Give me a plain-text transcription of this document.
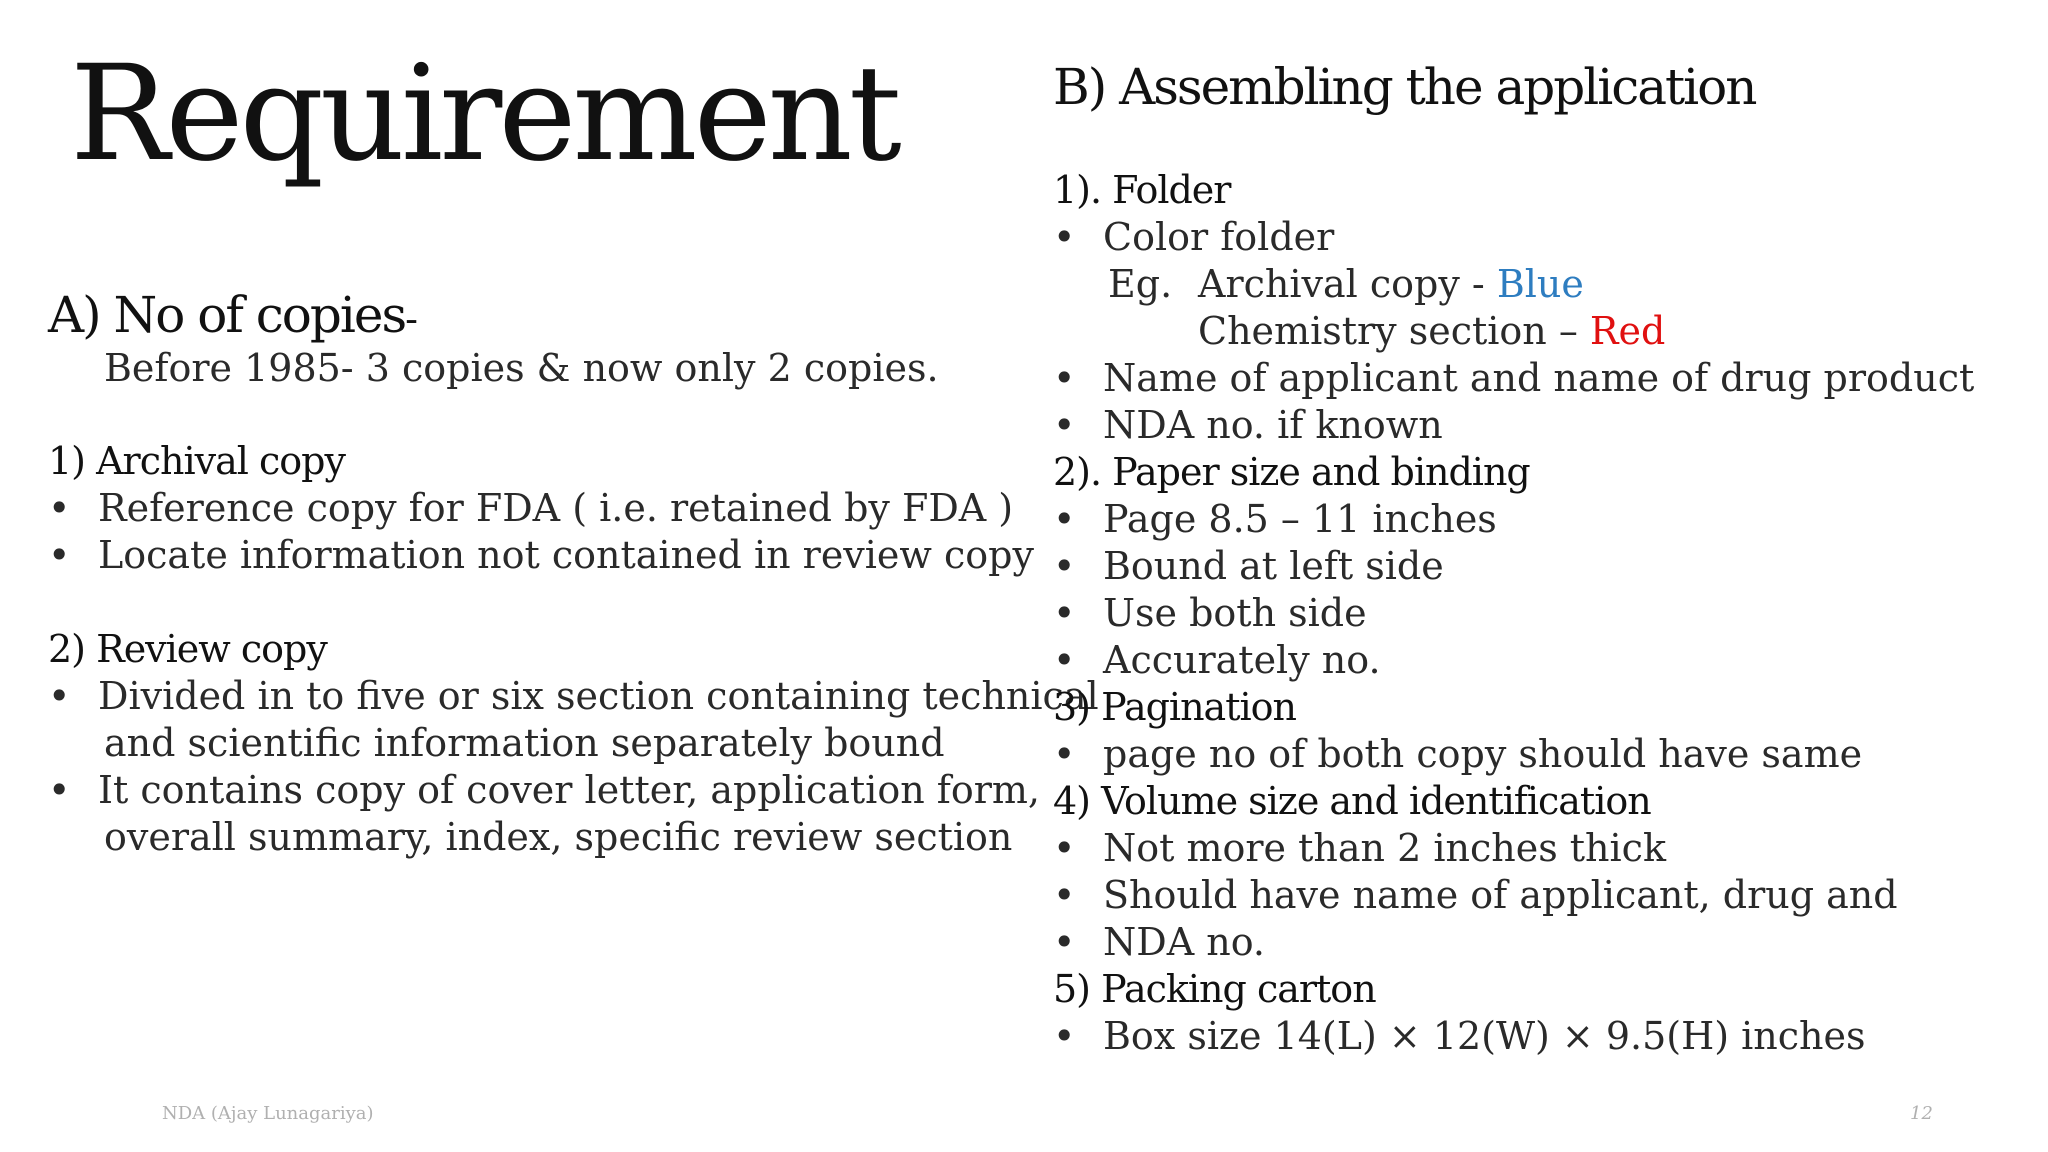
Requirement
A) No of copies-
Before 1985- 3 copies & now only 2 copies.
1) Archival copy
• Reference copy for FDA ( i.e. retained by FDA )
• Locate information not contained in review copy
2) Review copy
• Divided in to five or six section containing technical
and scientific information separately bound
• It contains copy of cover letter, application form,
overall summary, index, specific review section
B) Assembling the application
1). Folder
• Color folder
Eg. Archival copy - Blue
Chemistry section – Red
• Name of applicant and name of drug product
• NDA no. if known
2). Paper size and binding
• Page 8.5 – 11 inches
• Bound at left side
• Use both side
• Accurately no.
3) Pagination
• page no of both copy should have same
4) Volume size and identification
• Not more than 2 inches thick
• Should have name of applicant, drug and
• NDA no.
5) Packing carton
• Box size 14(L) × 12(W) × 9.5(H) inches
NDA (Ajay Lunagariya)	12
